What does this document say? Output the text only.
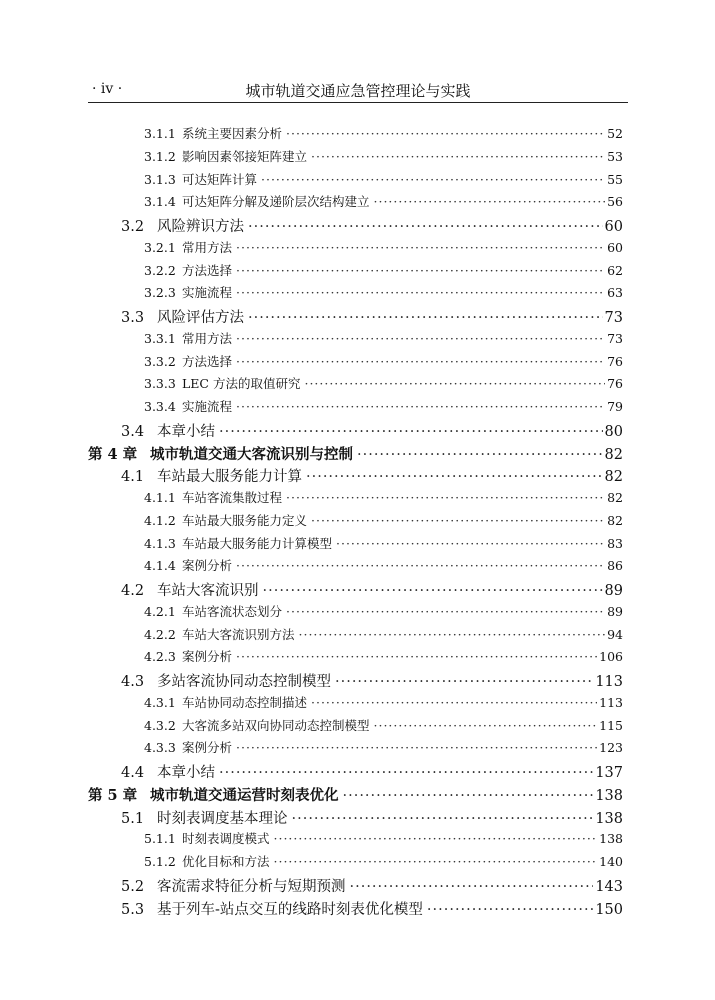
· iv ·	城市轨道交通应急管控理论与实践
3.1.1 系统主要因素分析 ·····	52
3.1.2 影响因素邻接矩阵建立 ·····	53
3.1.3 可达矩阵计算 ·····	55
3.1.4 可达矩阵分解及递阶层次结构建立 ·····	56
3.2 风险辨识方法 ·····	60
3.2.1 常用方法 ·····	60
3.2.2 方法选择 ·····	62
3.2.3 实施流程 ·····	63
3.3 风险评估方法 ·····	73
3.3.1 常用方法 ·····	73
3.3.2 方法选择 ·····	76
3.3.3 LEC 方法的取值研究 ·····	76
3.3.4 实施流程 ·····	79
3.4 本章小结 ·····	80
第 4 章 城市轨道交通大客流识别与控制 ·····	82
4.1 车站最大服务能力计算 ·····	82
4.1.1 车站客流集散过程 ·····	82
4.1.2 车站最大服务能力定义 ·····	82
4.1.3 车站最大服务能力计算模型 ·····	83
4.1.4 案例分析 ·····	86
4.2 车站大客流识别 ·····	89
4.2.1 车站客流状态划分 ·····	89
4.2.2 车站大客流识别方法 ·····	94
4.2.3 案例分析 ·····	106
4.3 多站客流协同动态控制模型 ·····	113
4.3.1 车站协同动态控制描述 ·····	113
4.3.2 大客流多站双向协同动态控制模型 ·····	115
4.3.3 案例分析 ·····	123
4.4 本章小结 ·····	137
第 5 章 城市轨道交通运营时刻表优化 ·····	138
5.1 时刻表调度基本理论 ·····	138
5.1.1 时刻表调度模式 ·····	138
5.1.2 优化目标和方法 ·····	140
5.2 客流需求特征分析与短期预测 ·····	143
5.3 基于列车-站点交互的线路时刻表优化模型 ·····	150
